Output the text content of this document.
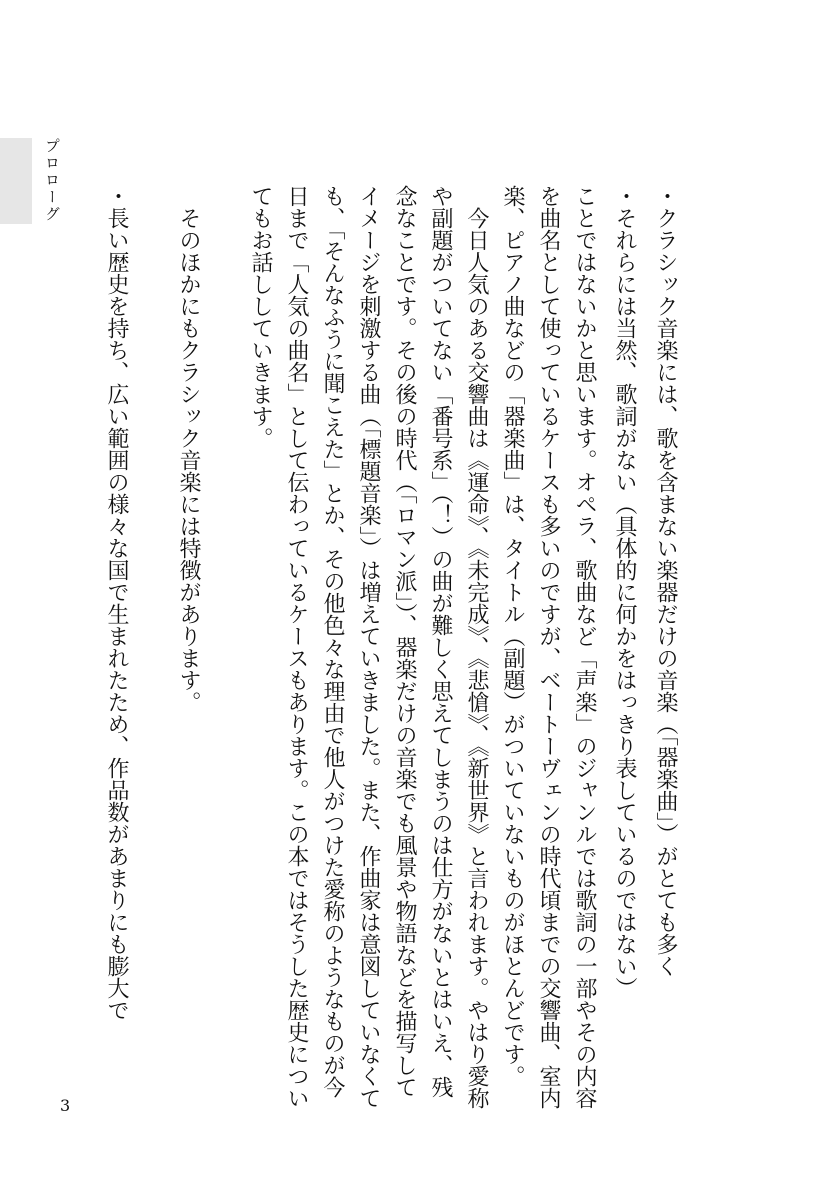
プロローグ
3
・クラシック音楽には、歌を含まない楽器だけの音楽（「器楽曲」）がとても多く
・それらには当然、歌詞がない（具体的に何かをはっきり表しているのではない）
ことではないかと思います。オペラ、歌曲など「声楽」のジャンルでは歌詞の一部やその内容
を曲名として使っているケースも多いのですが、ベートーヴェンの時代頃までの交響曲、室内
楽、ピアノ曲などの「器楽曲」は、タイトル（副題）がついていないものがほとんどです。
今日人気のある交響曲は《運命》、《未完成》、《悲愴》、《新世界》と言われます。やはり愛称
や副題がついてない「番号系」（！）の曲が難しく思えてしまうのは仕方がないとはいえ、残
念なことです。その後の時代（「ロマン派」）、器楽だけの音楽でも風景や物語などを描写して
イメージを刺激する曲（「標題音楽」）は増えていきました。また、作曲家は意図していなくて
も、「そんなふうに聞こえた」とか、その他色々な理由で他人がつけた愛称のようなものが今
日まで「人気の曲名」として伝わっているケースもあります。この本ではそうした歴史につい
てもお話ししていきます。
そのほかにもクラシック音楽には特徴があります。
・長い歴史を持ち、広い範囲の様々な国で生まれたため、作品数があまりにも膨大で
